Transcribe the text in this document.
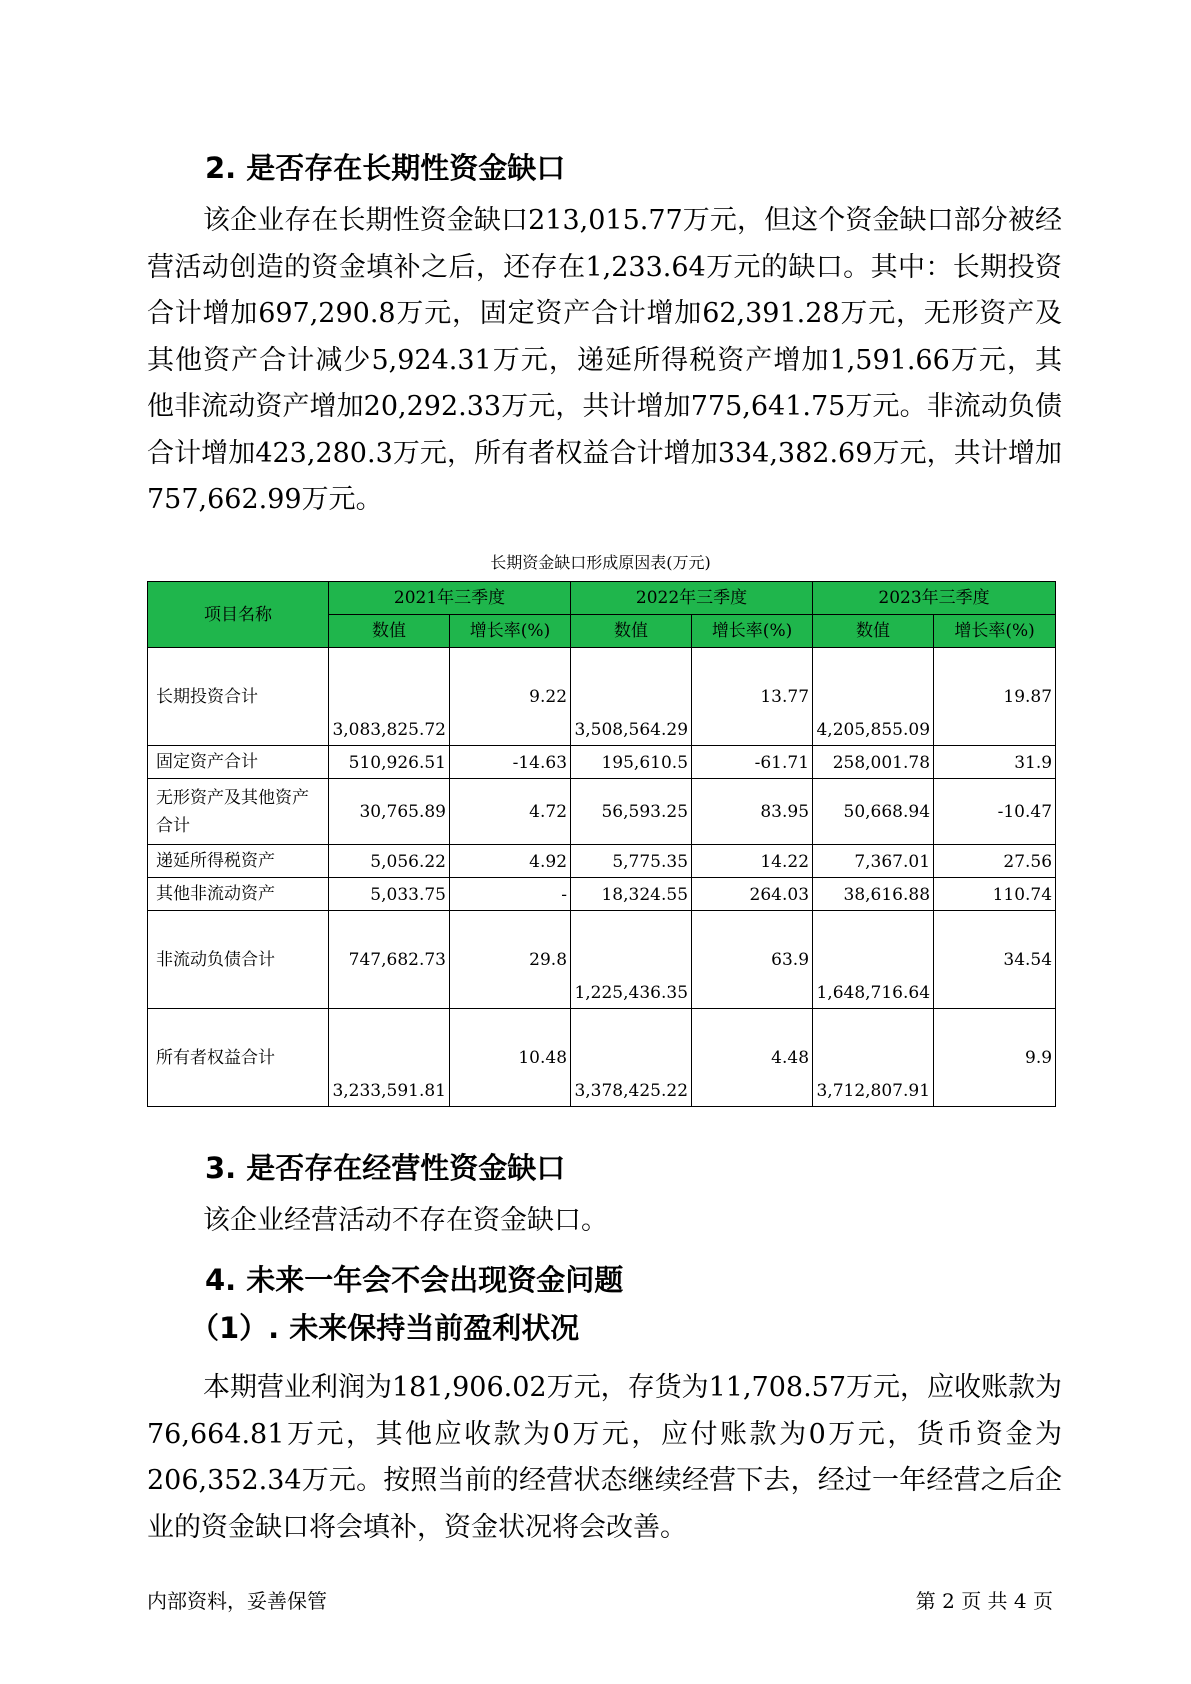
2. 是否存在长期性资金缺口
该企业存在长期性资金缺口213,015.77万元，但这个资金缺口部分被经营活动创造的资金填补之后，还存在1,233.64万元的缺口。其中：长期投资合计增加697,290.8万元，固定资产合计增加62,391.28万元，无形资产及其他资产合计减少5,924.31万元，递延所得税资产增加1,591.66万元，其他非流动资产增加20,292.33万元，共计增加775,641.75万元。非流动负债合计增加423,280.3万元，所有者权益合计增加334,382.69万元，共计增加757,662.99万元。
长期资金缺口形成原因表(万元)
项目名称	2021年三季度		2022年三季度		2023年三季度	
	数值	增长率(%)	数值	增长率(%)	数值	增长率(%)
长期投资合计	3,083,825.72	9.22	3,508,564.29	13.77	4,205,855.09	19.87
固定资产合计	510,926.51	-14.63	195,610.5	-61.71	258,001.78	31.9
无形资产及其他资产合计	30,765.89	4.72	56,593.25	83.95	50,668.94	-10.47
递延所得税资产	5,056.22	4.92	5,775.35	14.22	7,367.01	27.56
其他非流动资产	5,033.75	-	18,324.55	264.03	38,616.88	110.74
非流动负债合计	747,682.73	29.8	1,225,436.35	63.9	1,648,716.64	34.54
所有者权益合计	3,233,591.81	10.48	3,378,425.22	4.48	3,712,807.91	9.9
3. 是否存在经营性资金缺口
该企业经营活动不存在资金缺口。
4. 未来一年会不会出现资金问题
（1）. 未来保持当前盈利状况
本期营业利润为181,906.02万元，存货为11,708.57万元，应收账款为76,664.81万元，其他应收款为0万元，应付账款为0万元，货币资金为206,352.34万元。按照当前的经营状态继续经营下去，经过一年经营之后企业的资金缺口将会填补，资金状况将会改善。
内部资料，妥善保管	第 2 页 共 4 页
